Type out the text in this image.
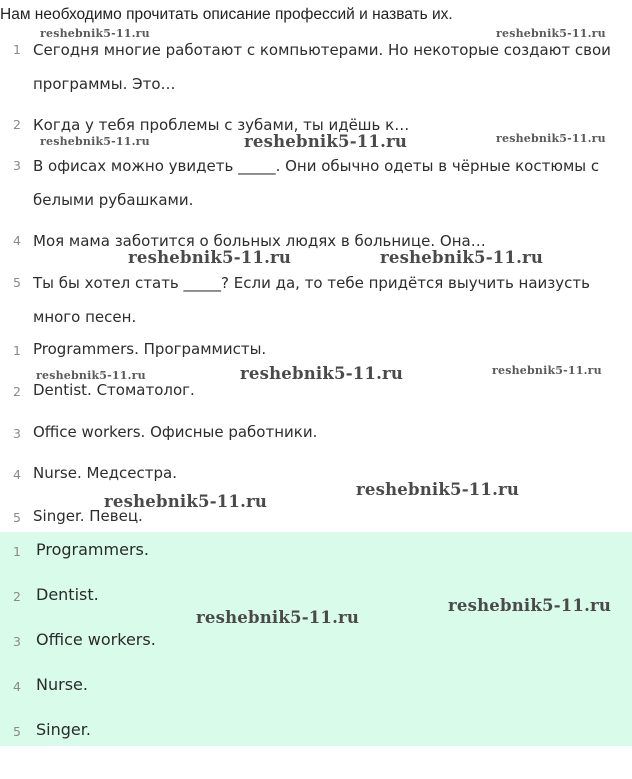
Нам необходимо прочитать описание профессий и назвать их.

1 Сегодня многие работают с компьютерами. Но некоторые создают свои программы. Это…
2 Когда у тебя проблемы с зубами, ты идёшь к…
3 В офисах можно увидеть _____. Они обычно одеты в чёрные костюмы с белыми рубашками.
4 Моя мама заботится о больных людях в больнице. Она…
5 Ты бы хотел стать _____? Если да, то тебе придётся выучить наизусть много песен.
1 Programmers. Программисты.
2 Dentist. Стоматолог.
3 Office workers. Офисные работники.
4 Nurse. Медсестра.
5 Singer. Певец.
1 Programmers.
2 Dentist.
3 Office workers.
4 Nurse.
5 Singer.
reshebnik5-11.ru	reshebnik5-11.ru
reshebnik5-11.ru	reshebnik5-11.ru	reshebnik5-11.ru
reshebnik5-11.ru	reshebnik5-11.ru
reshebnik5-11.ru	reshebnik5-11.ru	reshebnik5-11.ru
reshebnik5-11.ru
reshebnik5-11.ru
reshebnik5-11.ru
reshebnik5-11.ru
